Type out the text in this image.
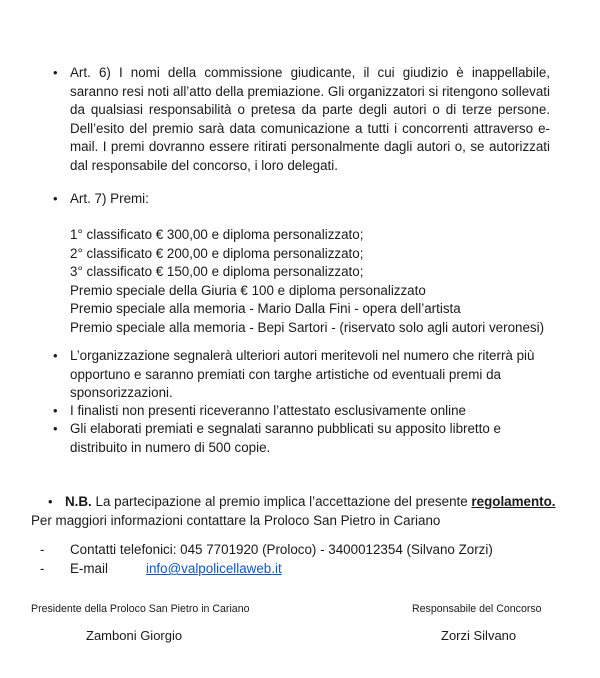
• Art. 6) I nomi della commissione giudicante, il cui giudizio è inappellabile, saranno resi noti all’atto della premiazione. Gli organizzatori si ritengono sollevati da qualsiasi responsabilità o pretesa da parte degli autori o di terze persone. Dell’esito del premio sarà data comunicazione a tutti i concorrenti attraverso e-mail. I premi dovranno essere ritirati personalmente dagli autori o, se autorizzati dal responsabile del concorso, i loro delegati.
• Art. 7) Premi:
1° classificato € 300,00 e diploma personalizzato;
2° classificato € 200,00 e diploma personalizzato;
3° classificato € 150,00 e diploma personalizzato;
Premio speciale della Giuria € 100 e diploma personalizzato
Premio speciale alla memoria - Mario Dalla Fini - opera dell’artista
Premio speciale alla memoria - Bepi Sartori - (riservato solo agli autori veronesi)
• L’organizzazione segnalerà ulteriori autori meritevoli nel numero che riterrà più opportuno e saranno premiati con targhe artistiche od eventuali premi da sponsorizzazioni.
• I finalisti non presenti riceveranno l’attestato esclusivamente online
• Gli elaborati premiati e segnalati saranno pubblicati su apposito libretto e distribuito in numero di 500 copie.
• N.B. La partecipazione al premio implica l’accettazione del presente regolamento.
Per maggiori informazioni contattare la Proloco San Pietro in Cariano
-	Contatti telefonici: 045 7701920 (Proloco) - 3400012354 (Silvano Zorzi)
-	E-mail	info@valpolicellaweb.it
Presidente della Proloco San Pietro in Cariano
Zamboni Giorgio
Responsabile del Concorso
Zorzi Silvano
